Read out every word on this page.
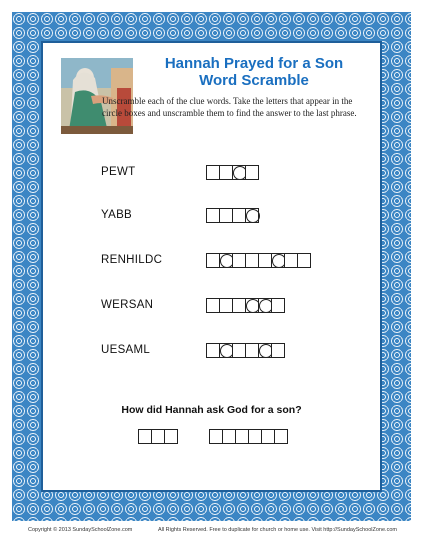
Hannah Prayed for a Son
Word Scramble
Unscramble each of the clue words. Take the letters that appear in the circle boxes and unscramble them to find the answer to the last phrase.
PEWT
YABB
RENHILDC
WERSAN
UESAML
How did Hannah ask God for a son?
Copyright © 2013 SundaySchoolZone.com	All Rights Reserved. Free to duplicate for church or home use. Visit http://SundaySchoolZone.com
